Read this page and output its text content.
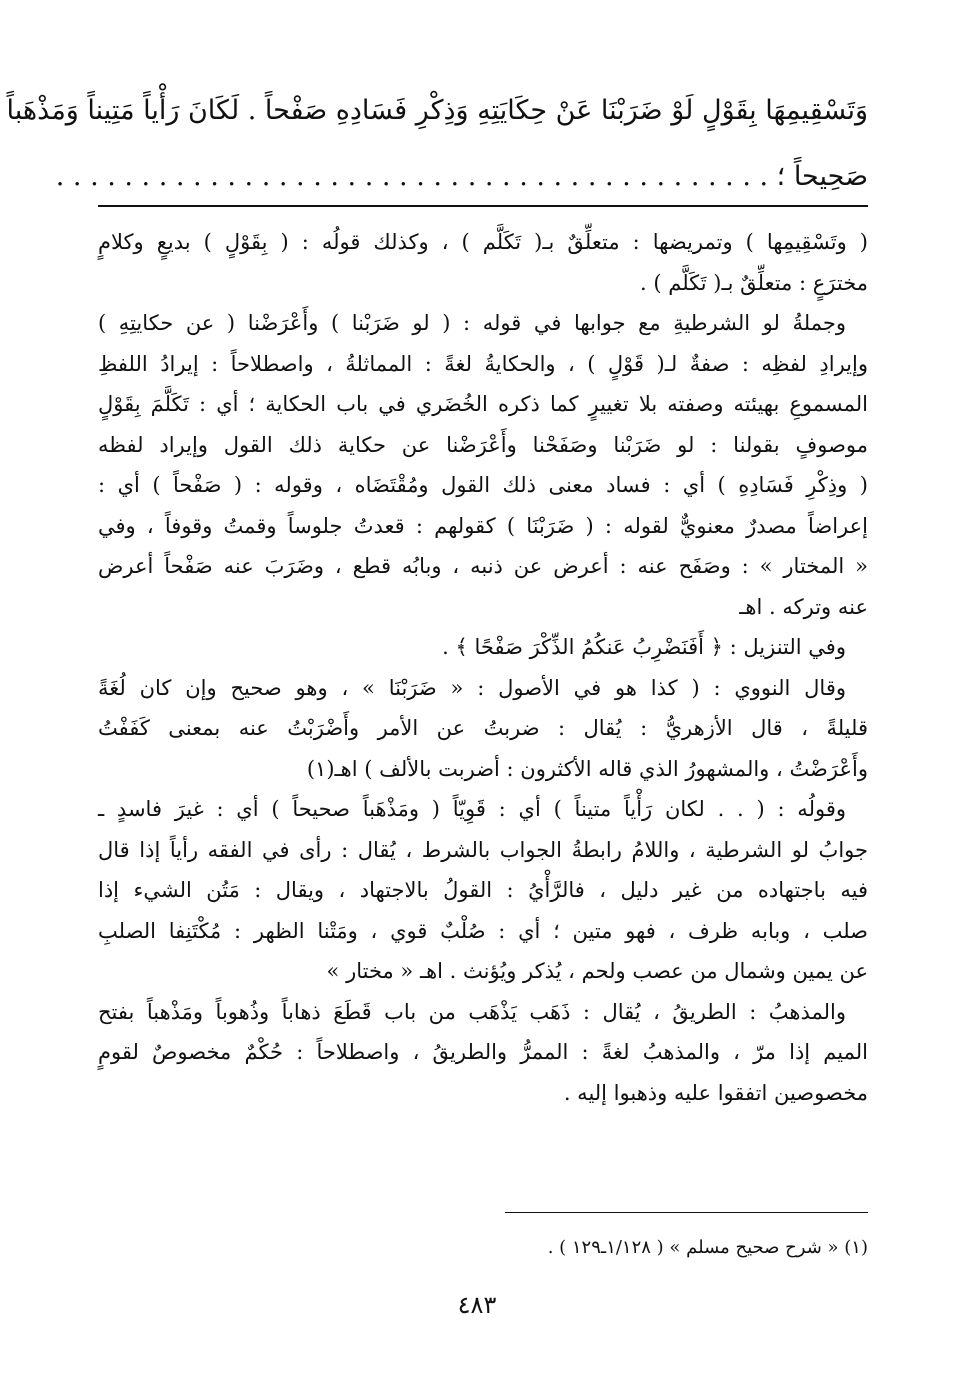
وَتَسْقِيمِهَا بِقَوْلٍ لَوْ ضَرَبْنَا عَنْ حِكَايَتِهِ وَذِكْرِ فَسَادِهِ صَفْحاً . لَكَانَ رَأْياً مَتِيناً وَمَذْهَباً
صَحِيحاً ؛ . . . . . . . . . . . . . . . . . . . . . . . . . . . . . . . . . . . . . . . . . .
( وتَسْقِيمِها ) وتمريضها : متعلِّقٌ بـ( تَكَلَّم ) ، وكذلك قولُه : ( بِقَوْلٍ ) بديعٍ وكلامٍ
مخترَعٍ : متعلِّقٌ بـ( تَكَلَّم ) .
وجملةُ لو الشرطيةِ مع جوابها في قوله : ( لو ضَرَبْنا ) وأَعْرَضْنا ( عن حكايتِهِ )
وإيرادِ لفظِه : صفةٌ لـ( قَوْلٍ ) ، والحكايةُ لغةً : المماثلةُ ، واصطلاحاً : إيرادُ اللفظِ
المسموعِ بهيئته وصفته بلا تغييرٍ كما ذكره الخُضَري في باب الحكاية ؛ أي : تَكَلَّمَ بِقَوْلٍ
موصوفٍ بقولنا : لو ضَرَبْنا وصَفَحْنا وأَعْرَضْنا عن حكاية ذلك القول وإيراد لفظه
( وذِكْرِ فَسَادِهِ ) أي : فساد معنى ذلك القول ومُقْتَضَاه ، وقوله : ( صَفْحاً ) أي :
إعراضاً مصدرٌ معنويٌّ لقوله : ( ضَرَبْنَا ) كقولهم : قعدتُ جلوساً وقمتُ وقوفاً ، وفي
« المختار » : وصَفَح عنه : أعرض عن ذنبه ، وبابُه قطع ، وضَرَبَ عنه صَفْحاً أعرض
عنه وتركه . اهـ
وفي التنزيل : ﴿ أَفَنَضْرِبُ عَنكُمُ الذِّكْرَ صَفْحًا ﴾ .
وقال النووي : ( كذا هو في الأصول : « ضَرَبْنَا » ، وهو صحيح وإن كان لُغَةً
قليلةً ، قال الأزهريُّ : يُقال : ضربتُ عن الأمر وأَضْرَبْتُ عنه بمعنى كَفَفْتُ
وأَعْرَضْتُ ، والمشهورُ الذي قاله الأكثرون : أضربت بالألف ) اهـ(١)
وقولُه : ( . . لكان رَأْياً متيناً ) أي : قَوِيّاً ( ومَذْهَباً صحيحاً ) أي : غيرَ فاسدٍ ـ
جوابُ لو الشرطية ، واللامُ رابطةُ الجواب بالشرط ، يُقال : رأى في الفقه رأياً إذا قال
فيه باجتهاده من غير دليل ، فالرَّأْيُ : القولُ بالاجتهاد ، ويقال : مَتُن الشيء إذا
صلب ، وبابه ظرف ، فهو متين ؛ أي : صُلْبٌ قوي ، ومَتْنا الظهر : مُكْتَنِفا الصلبِ
عن يمين وشمال من عصب ولحم ، يُذكر ويُؤنث . اهـ « مختار »
والمذهبُ : الطريقُ ، يُقال : ذَهَب يَذْهَب من باب قَطَعَ ذهاباً وذُهوباً ومَذْهباً بفتح
الميم إذا مرّ ، والمذهبُ لغةً : الممرُّ والطريقُ ، واصطلاحاً : حُكْمٌ مخصوصٌ لقومٍ
مخصوصين اتفقوا عليه وذهبوا إليه .
(١) « شرح صحيح مسلم » ( ١/١٢٨ـ١٢٩ ) .
٤٨٣
